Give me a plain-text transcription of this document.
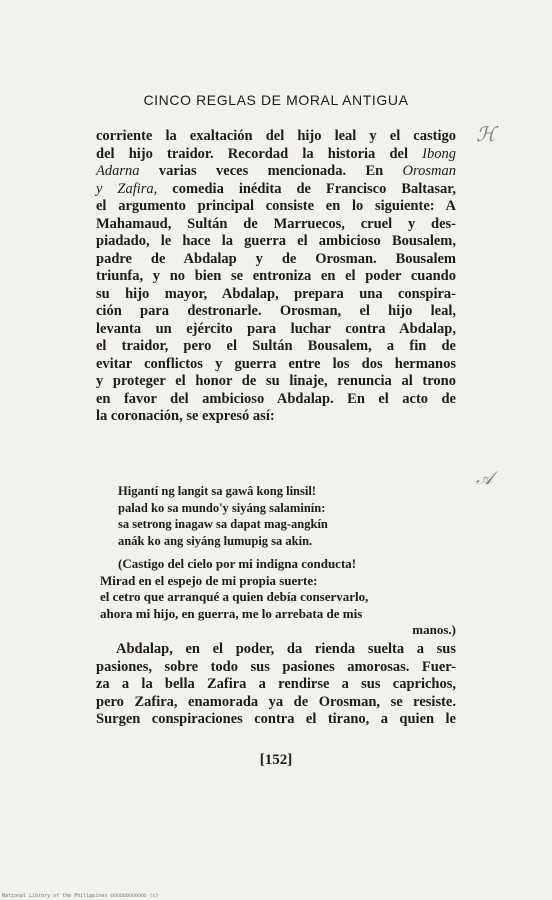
CINCO REGLAS DE MORAL ANTIGUA
ℋ
𝒜

corriente la exaltación del hijo leal y el castigo
del hijo traidor. Recordad la historia del Ibong
Adarna varias veces mencionada. En Orosman
y Zafira, comedia inédita de Francisco Baltasar,
el argumento principal consiste en lo siguiente: A
Mahamaud, Sultán de Marruecos, cruel y des-
piadado, le hace la guerra el ambicioso Bousalem,
padre de Abdalap y de Orosman. Bousalem
triunfa, y no bien se entroniza en el poder cuando
su hijo mayor, Abdalap, prepara una conspira-
ción para destronarle. Orosman, el hijo leal,
levanta un ejército para luchar contra Abdalap,
el traidor, pero el Sultán Bousalem, a fin de
evitar conflictos y guerra entre los dos hermanos
y proteger el honor de su linaje, renuncia al trono
en favor del ambicioso Abdalap. En el acto de
la coronación, se expresó así:

Higantí ng langit sa gawâ kong linsil!
palad ko sa mundo'y siyáng salaminín:
sa setrong inagaw sa dapat mag-angkín
anák ko ang siyáng lumupig sa akin.

(Castigo del cielo por mi indigna conducta!
Mirad en el espejo de mi propia suerte:
el cetro que arranqué a quien debía conservarlo,
ahora mi hijo, en guerra, me lo arrebata de mis
manos.)

Abdalap, en el poder, da rienda suelta a sus
pasiones, sobre todo sus pasiones amorosas. Fuer-
za a la bella Zafira a rendirse a sus caprichos,
pero Zafira, enamorada ya de Orosman, se resiste.
Surgen conspiraciones contra el tirano, a quien le

[152]
National Library of the Philippines ©©©©©©©©©©©© (c)
